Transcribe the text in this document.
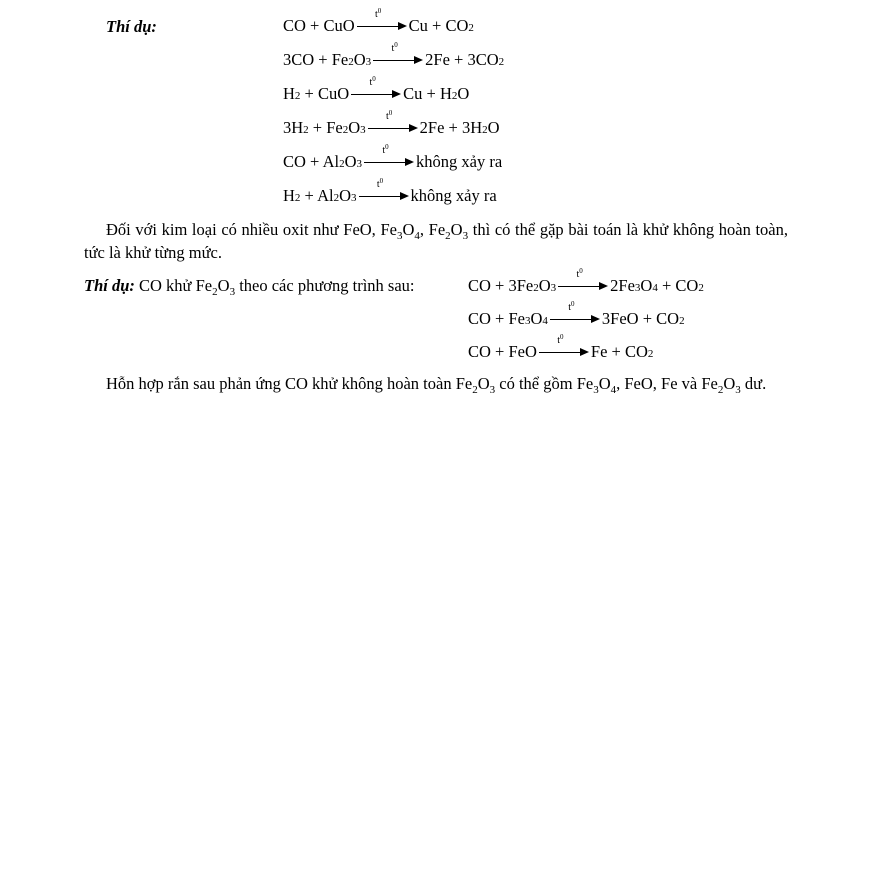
Thí dụ:	CO + CuO
$t^0$
Cu + CO 2
3CO + Fe 2 O 3
$t^0$
2Fe + 3CO 2
H 2 + CuO
$t^0$
Cu + H 2 O
3H 2 + Fe 2 O 3
$t^0$
2Fe + 3H 2 O
CO + Al 2 O 3
$t^0$
không xảy ra
H 2 + Al 2 O 3
$t^0$
không xảy ra
Đối với kim loại có nhiều oxit như FeO, $Fe_3O_4$, $Fe_2O_3$ thì có thể gặp bài toán là khử không hoàn toàn, tức là khử từng mức.
Thí dụ: CO khử $Fe_2O_3$ theo các phương trình sau:	CO + 3Fe 2 O 3
$t^0$
2Fe 3 O 4 + CO 2
CO + Fe 3 O 4
$t^0$
3FeO + CO 2
CO + FeO
$t^0$
Fe + CO 2
Hỗn hợp rắn sau phản ứng CO khử không hoàn toàn $Fe_2O_3$ có thể gồm $Fe_3O_4$, FeO, Fe và $Fe_2O_3$ dư.
